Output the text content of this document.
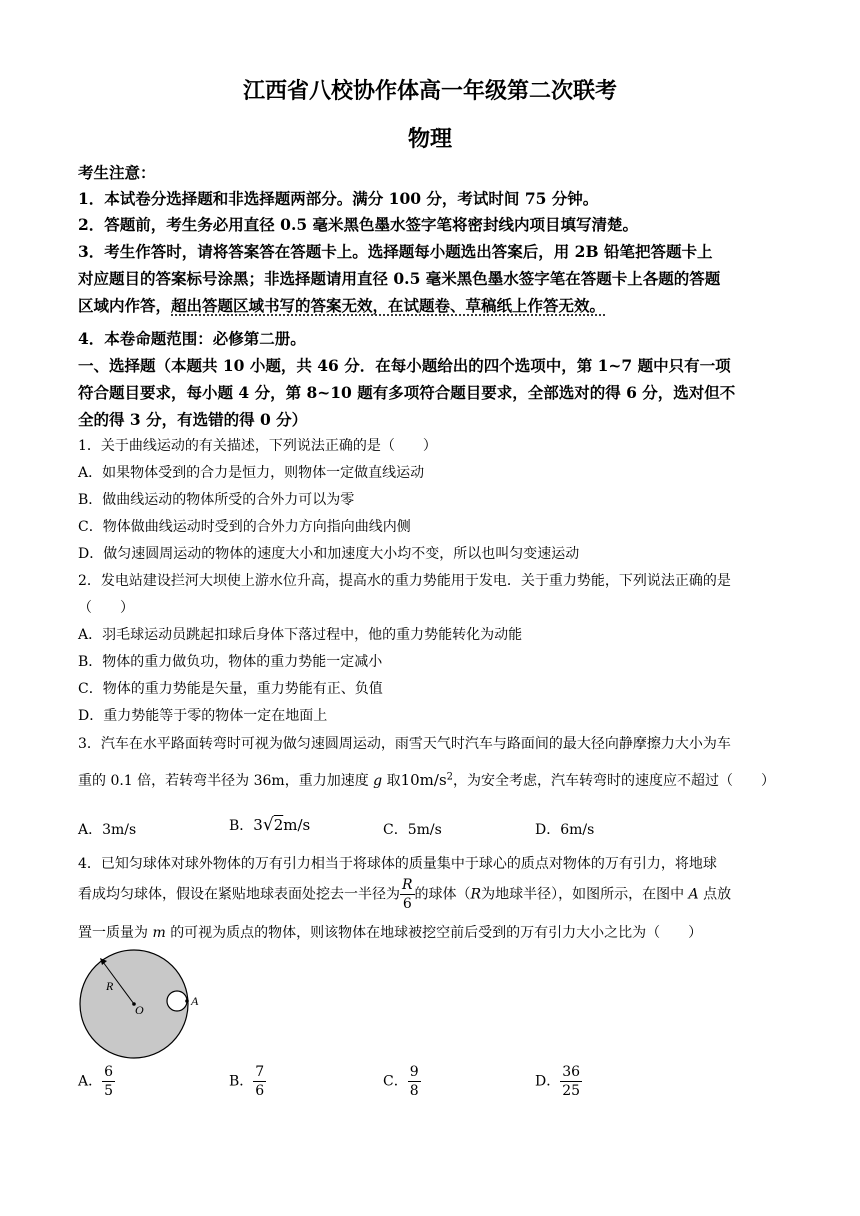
江西省八校协作体高一年级第二次联考
物理
考生注意：
1．本试卷分选择题和非选择题两部分。满分 100 分，考试时间 75 分钟。
2．答题前，考生务必用直径 0.5 毫米黑色墨水签字笔将密封线内项目填写清楚。
3．考生作答时，请将答案答在答题卡上。选择题每小题选出答案后，用 2B 铅笔把答题卡上
对应题目的答案标号涂黑；非选择题请用直径 0.5 毫米黑色墨水签字笔在答题卡上各题的答题
区域内作答，超出答题区域书写的答案无效，在试题卷、草稿纸上作答无效。
4．本卷命题范围：必修第二册。
一、选择题（本题共 10 小题，共 46 分．在每小题给出的四个选项中，第 1~7 题中只有一项
符合题目要求，每小题 4 分，第 8~10 题有多项符合题目要求，全部选对的得 6 分，选对但不
全的得 3 分，有选错的得 0 分）
1．关于曲线运动的有关描述，下列说法正确的是（　　）
A．如果物体受到的合力是恒力，则物体一定做直线运动
B．做曲线运动的物体所受的合外力可以为零
C．物体做曲线运动时受到的合外力方向指向曲线内侧
D．做匀速圆周运动的物体的速度大小和加速度大小均不变，所以也叫匀变速运动
2．发电站建设拦河大坝使上游水位升高，提高水的重力势能用于发电．关于重力势能，下列说法正确的是
（　　）
A．羽毛球运动员跳起扣球后身体下落过程中，他的重力势能转化为动能
B．物体的重力做负功，物体的重力势能一定减小
C．物体的重力势能是矢量，重力势能有正、负值
D．重力势能等于零的物体一定在地面上
3．汽车在水平路面转弯时可视为做匀速圆周运动，雨雪天气时汽车与路面间的最大径向静摩擦力大小为车
重的 0.1 倍，若转弯半径为 36m，重力加速度 g 取$10m/s^2$，为安全考虑，汽车转弯时的速度应不超过（　　）
A．3m/s	B．3√2m/s	C．5m/s	D．6m/s
4．已知匀球体对球外物体的万有引力相当于将球体的质量集中于球心的质点对物体的万有引力，将地球
看成均匀球体，假设在紧贴地球表面处挖去一半径为 $\frac{R}{6}$ 的球体（R为地球半径），如图所示，在图中 A 点放
置一质量为 m 的可视为质点的物体，则该物体在地球被挖空前后受到的万有引力大小之比为（　　）
R
O
A
A． $\frac{6}{5}$	B． $\frac{7}{6}$	C． $\frac{9}{8}$	D． $\frac{36}{25}$
